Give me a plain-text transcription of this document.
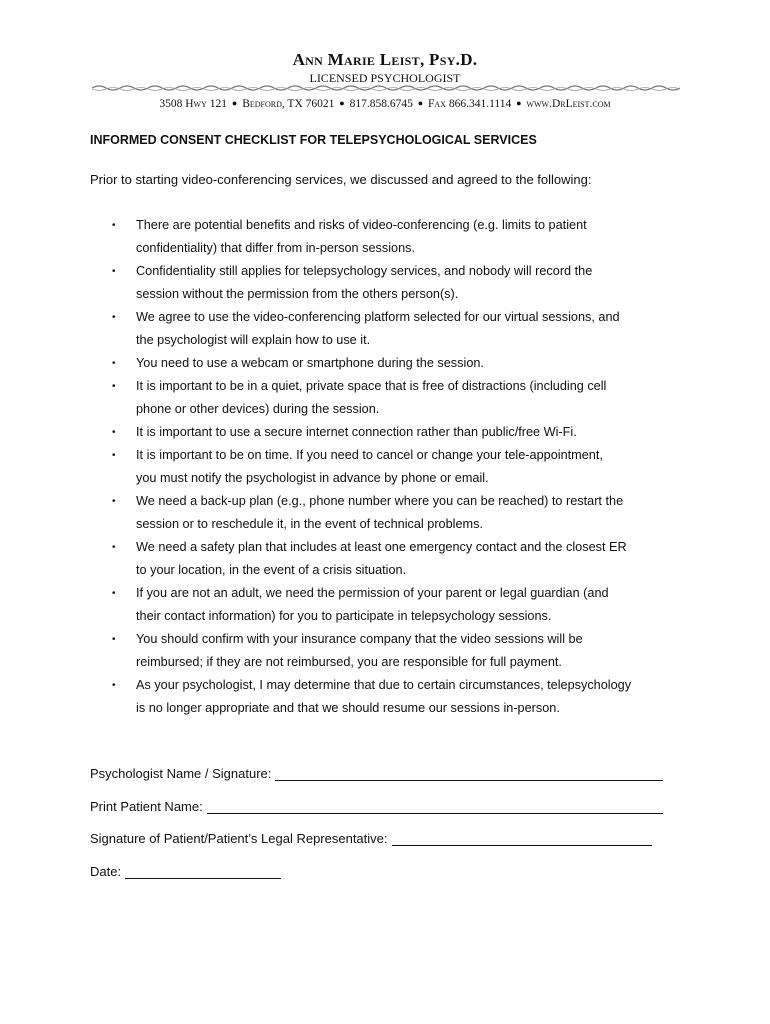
Ann Marie Leist, Psy.D.
LICENSED PSYCHOLOGIST
3508 Hwy 121 ● Bedford, TX 76021 ● 817.858.6745 ● Fax 866.341.1114 ● www.DrLeist.com
INFORMED CONSENT CHECKLIST FOR TELEPSYCHOLOGICAL SERVICES
Prior to starting video-conferencing services, we discussed and agreed to the following:
• There are potential benefits and risks of video-conferencing (e.g. limits to patient
confidentiality) that differ from in-person sessions.
• Confidentiality still applies for telepsychology services, and nobody will record the
session without the permission from the others person(s).
• We agree to use the video-conferencing platform selected for our virtual sessions, and
the psychologist will explain how to use it.
• You need to use a webcam or smartphone during the session.
• It is important to be in a quiet, private space that is free of distractions (including cell
phone or other devices) during the session.
• It is important to use a secure internet connection rather than public/free Wi-Fi.
• It is important to be on time. If you need to cancel or change your tele-appointment,
you must notify the psychologist in advance by phone or email.
• We need a back-up plan (e.g., phone number where you can be reached) to restart the
session or to reschedule it, in the event of technical problems.
• We need a safety plan that includes at least one emergency contact and the closest ER
to your location, in the event of a crisis situation.
• If you are not an adult, we need the permission of your parent or legal guardian (and
their contact information) for you to participate in telepsychology sessions.
• You should confirm with your insurance company that the video sessions will be
reimbursed; if they are not reimbursed, you are responsible for full payment.
• As your psychologist, I may determine that due to certain circumstances, telepsychology
is no longer appropriate and that we should resume our sessions in-person.
Psychologist Name / Signature:
Print Patient Name:
Signature of Patient/Patient’s Legal Representative:
Date:
